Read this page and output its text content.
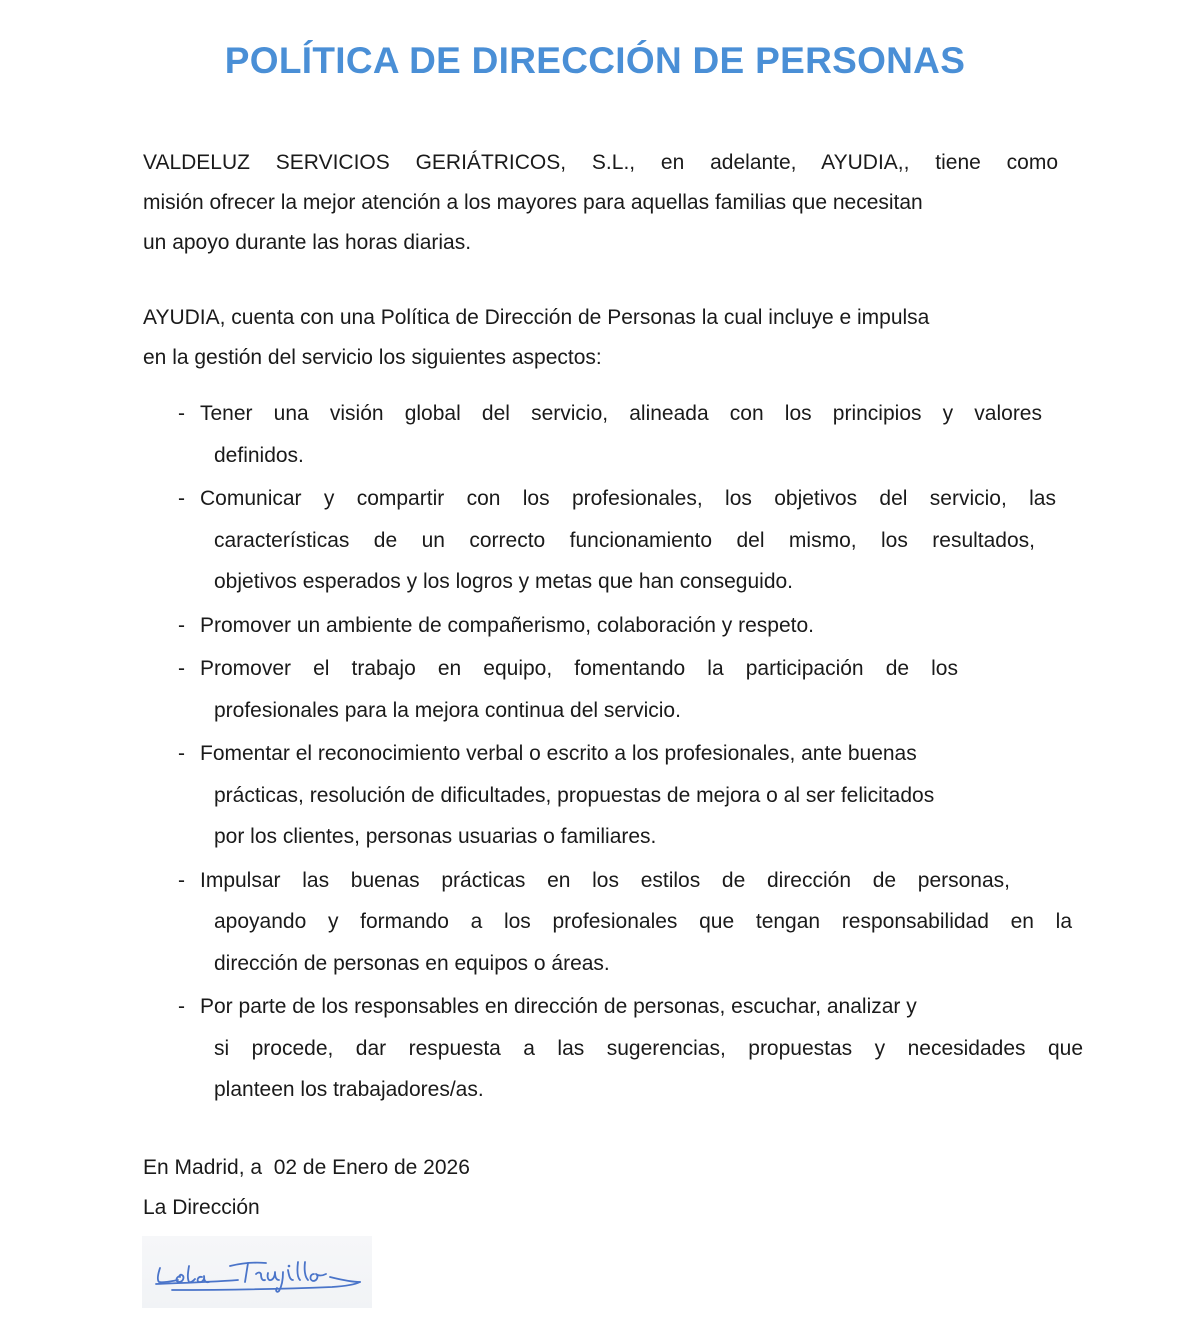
POLÍTICA DE DIRECCIÓN DE PERSONAS

VALDELUZ SERVICIOS GERIÁTRICOS, S.L., en adelante, AYUDIA,, tiene como
misión ofrecer la mejor atención a los mayores para aquellas familias que necesitan
un apoyo durante las horas diarias.

AYUDIA, cuenta con una Política de Dirección de Personas la cual incluye e impulsa
en la gestión del servicio los siguientes aspectos:

- Tener una visión global del servicio, alineada con los principios y valores
definidos.
- Comunicar y compartir con los profesionales, los objetivos del servicio, las
características de un correcto funcionamiento del mismo, los resultados,
objetivos esperados y los logros y metas que han conseguido.
- Promover un ambiente de compañerismo, colaboración y respeto.
- Promover el trabajo en equipo, fomentando la participación de los
profesionales para la mejora continua del servicio.
- Fomentar el reconocimiento verbal o escrito a los profesionales, ante buenas
prácticas, resolución de dificultades, propuestas de mejora o al ser felicitados
por los clientes, personas usuarias o familiares.
- Impulsar las buenas prácticas en los estilos de dirección de personas,
apoyando y formando a los profesionales que tengan responsabilidad en la
dirección de personas en equipos o áreas.
- Por parte de los responsables en dirección de personas, escuchar, analizar y
si procede, dar respuesta a las sugerencias, propuestas y necesidades que
planteen los trabajadores/as.

En Madrid, a  02 de Enero de 2026
La Dirección
